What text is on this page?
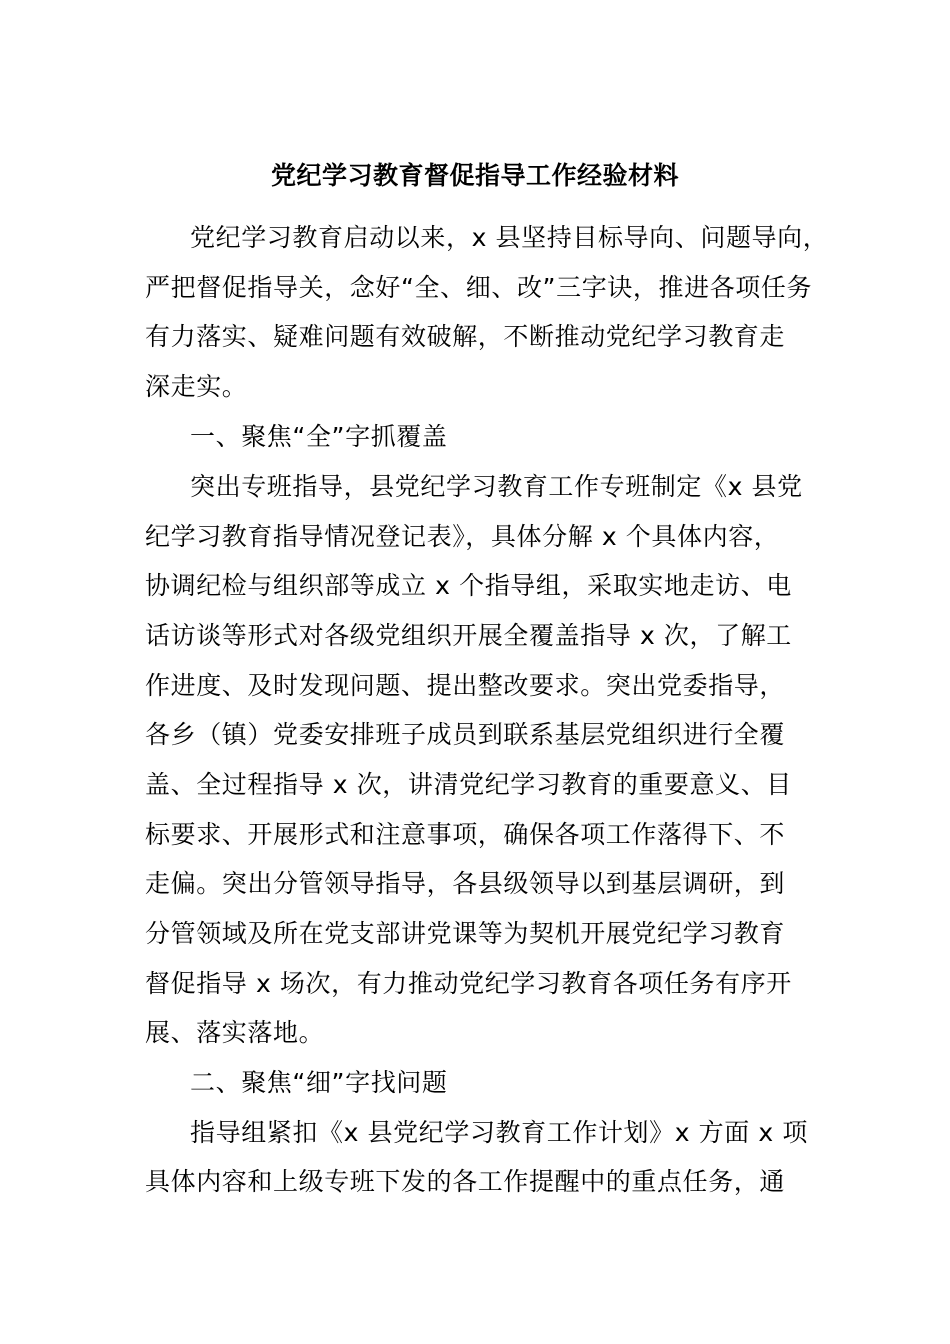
党纪学习教育督促指导工作经验材料
党纪学习教育启动以来，x 县坚持目标导向、问题导向，
严把督促指导关，念好“全、细、改”三字诀，推进各项任务
有力落实、疑难问题有效破解，不断推动党纪学习教育走
深走实。
一、聚焦“全”字抓覆盖
突出专班指导，县党纪学习教育工作专班制定《x 县党
纪学习教育指导情况登记表》，具体分解 x 个具体内容，
协调纪检与组织部等成立 x 个指导组，采取实地走访、电
话访谈等形式对各级党组织开展全覆盖指导 x 次，了解工
作进度、及时发现问题、提出整改要求。突出党委指导，
各乡（镇）党委安排班子成员到联系基层党组织进行全覆
盖、全过程指导 x 次，讲清党纪学习教育的重要意义、目
标要求、开展形式和注意事项，确保各项工作落得下、不
走偏。突出分管领导指导，各县级领导以到基层调研，到
分管领域及所在党支部讲党课等为契机开展党纪学习教育
督促指导 x 场次，有力推动党纪学习教育各项任务有序开
展、落实落地。
二、聚焦“细”字找问题
指导组紧扣《x 县党纪学习教育工作计划》x 方面 x 项
具体内容和上级专班下发的各工作提醒中的重点任务，通
